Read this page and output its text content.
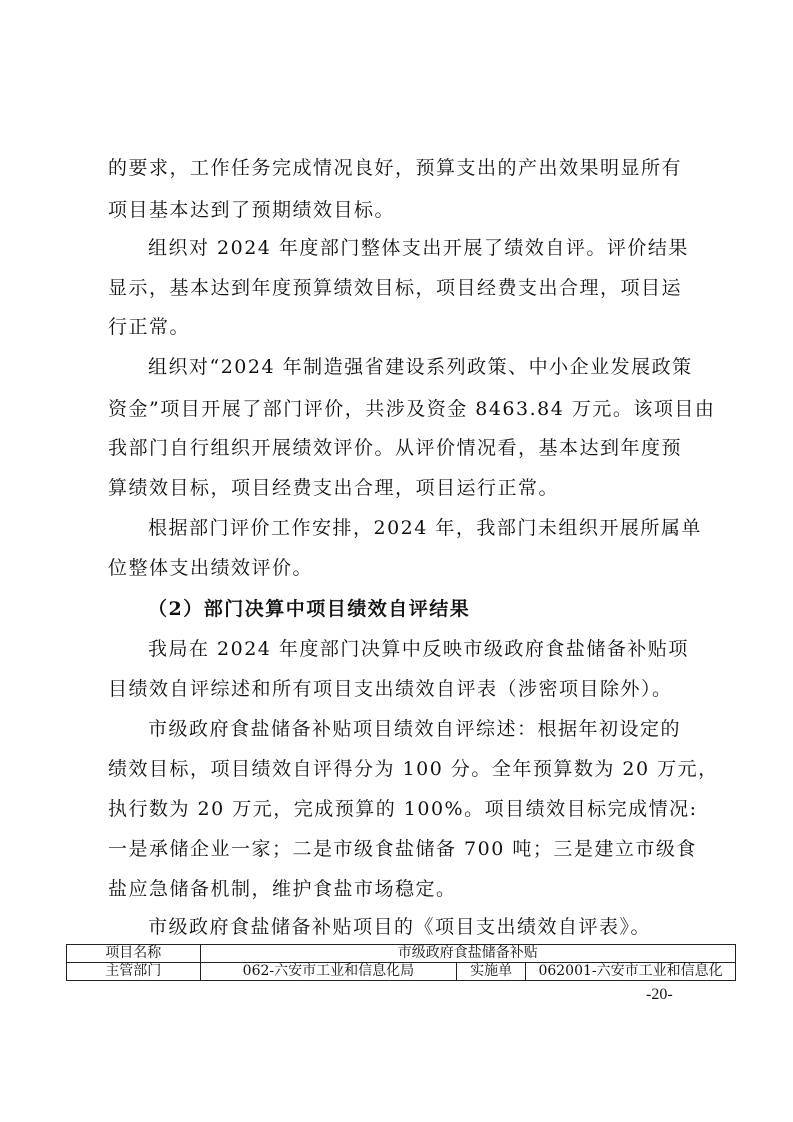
的要求，工作任务完成情况良好，预算支出的产出效果明显所有
项目基本达到了预期绩效目标。
组织对 2024 年度部门整体支出开展了绩效自评。评价结果
显示，基本达到年度预算绩效目标，项目经费支出合理，项目运
行正常。
组织对“2024 年制造强省建设系列政策、中小企业发展政策
资金”项目开展了部门评价，共涉及资金 8463.84 万元。该项目由
我部门自行组织开展绩效评价。从评价情况看，基本达到年度预
算绩效目标，项目经费支出合理，项目运行正常。
根据部门评价工作安排，2024 年，我部门未组织开展所属单
位整体支出绩效评价。
（2）部门决算中项目绩效自评结果
我局在 2024 年度部门决算中反映市级政府食盐储备补贴项
目绩效自评综述和所有项目支出绩效自评表（涉密项目除外）。
市级政府食盐储备补贴项目绩效自评综述：根据年初设定的
绩效目标，项目绩效自评得分为 100 分。全年预算数为 20 万元，
执行数为 20 万元，完成预算的 100%。项目绩效目标完成情况:
一是承储企业一家；二是市级食盐储备 700 吨；三是建立市级食
盐应急储备机制，维护食盐市场稳定。
市级政府食盐储备补贴项目的《项目支出绩效自评表》。
项目名称	市级政府食盐储备补贴		
主管部门	062-六安市工业和信息化局	实施单	062001-六安市工业和信息化
-20-
